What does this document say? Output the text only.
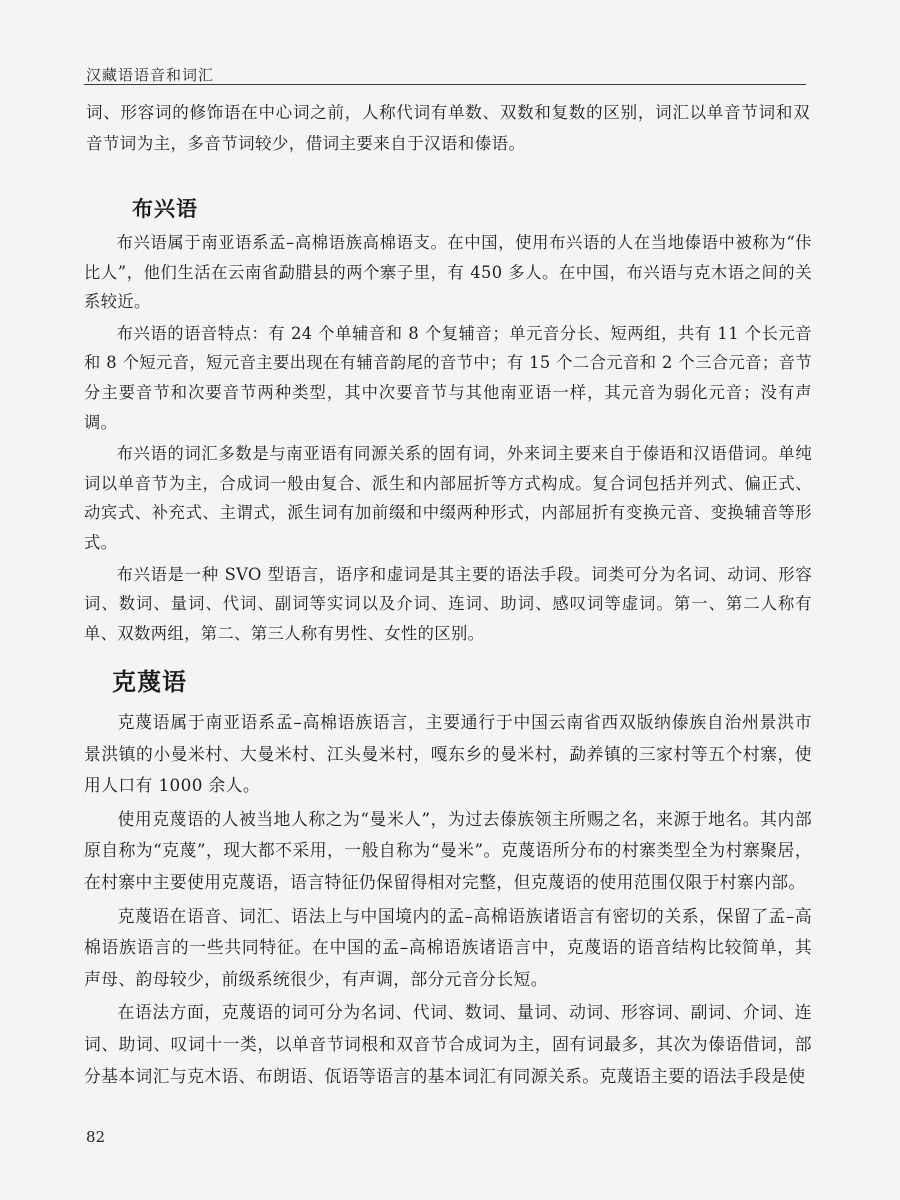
汉藏语语音和词汇

词、形容词的修饰语在中心词之前，人称代词有单数、双数和复数的区别，词汇以单音节词和双音节词为主，多音节词较少，借词主要来自于汉语和傣语。

布兴语

布兴语属于南亚语系孟–高棉语族高棉语支。在中国，使用布兴语的人在当地傣语中被称为“佧比人”，他们生活在云南省勐腊县的两个寨子里，有 450 多人。在中国，布兴语与克木语之间的关系较近。

布兴语的语音特点：有 24 个单辅音和 8 个复辅音；单元音分长、短两组，共有 11 个长元音和 8 个短元音，短元音主要出现在有辅音韵尾的音节中；有 15 个二合元音和 2 个三合元音；音节分主要音节和次要音节两种类型，其中次要音节与其他南亚语一样，其元音为弱化元音；没有声调。

布兴语的词汇多数是与南亚语有同源关系的固有词，外来词主要来自于傣语和汉语借词。单纯词以单音节为主，合成词一般由复合、派生和内部屈折等方式构成。复合词包括并列式、偏正式、动宾式、补充式、主谓式，派生词有加前缀和中缀两种形式，内部屈折有变换元音、变换辅音等形式。

布兴语是一种 SVO 型语言，语序和虚词是其主要的语法手段。词类可分为名词、动词、形容词、数词、量词、代词、副词等实词以及介词、连词、助词、感叹词等虚词。第一、第二人称有单、双数两组，第二、第三人称有男性、女性的区别。

克蔑语

克蔑语属于南亚语系孟–高棉语族语言，主要通行于中国云南省西双版纳傣族自治州景洪市景洪镇的小曼米村、大曼米村、江头曼米村，嘎东乡的曼米村，勐养镇的三家村等五个村寨，使用人口有 1000 余人。

使用克蔑语的人被当地人称之为“曼米人”，为过去傣族领主所赐之名，来源于地名。其内部原自称为“克蔑”，现大都不采用，一般自称为“曼米”。克蔑语所分布的村寨类型全为村寨聚居，在村寨中主要使用克蔑语，语言特征仍保留得相对完整，但克蔑语的使用范围仅限于村寨内部。

克蔑语在语音、词汇、语法上与中国境内的孟–高棉语族诸语言有密切的关系，保留了孟–高棉语族语言的一些共同特征。在中国的孟–高棉语族诸语言中，克蔑语的语音结构比较简单，其声母、韵母较少，前级系统很少，有声调，部分元音分长短。

在语法方面，克蔑语的词可分为名词、代词、数词、量词、动词、形容词、副词、介词、连词、助词、叹词十一类，以单音节词根和双音节合成词为主，固有词最多，其次为傣语借词，部分基本词汇与克木语、布朗语、佤语等语言的基本词汇有同源关系。克蔑语主要的语法手段是使

82
